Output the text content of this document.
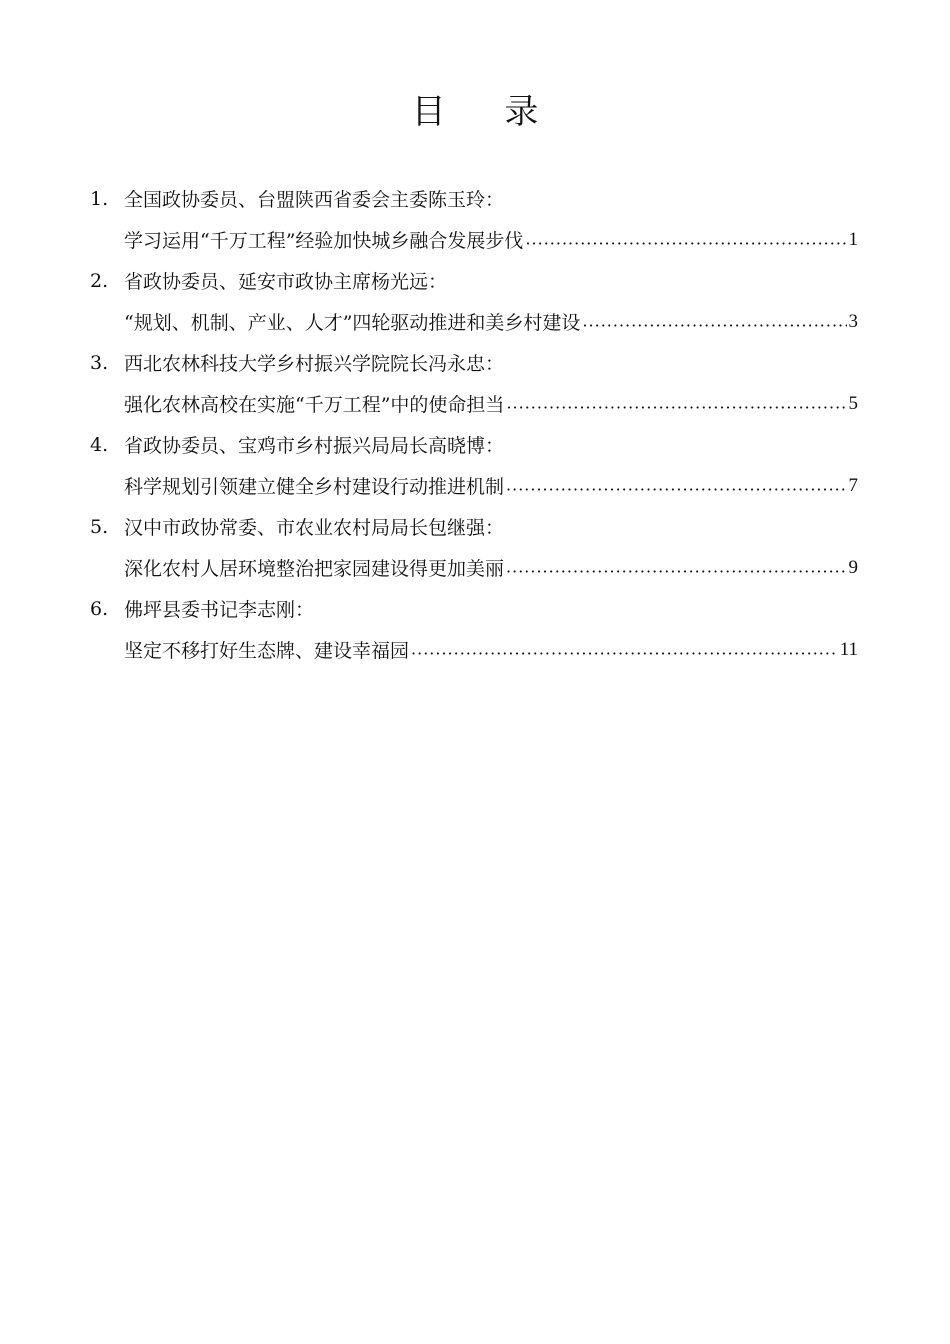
目 录
1. 全国政协委员、台盟陕西省委会主委陈玉玲：
学习运用“千万工程”经验加快城乡融合发展步伐 ·····	1
2. 省政协委员、延安市政协主席杨光远：
“规划、机制、产业、人才”四轮驱动推进和美乡村建设 ·····	3
3. 西北农林科技大学乡村振兴学院院长冯永忠：
强化农林高校在实施“千万工程”中的使命担当 ·····	5
4. 省政协委员、宝鸡市乡村振兴局局长高晓博：
科学规划引领建立健全乡村建设行动推进机制 ·····	7
5. 汉中市政协常委、市农业农村局局长包继强：
深化农村人居环境整治把家园建设得更加美丽 ·····	9
6. 佛坪县委书记李志刚：
坚定不移打好生态牌、建设幸福园 ·····	11
